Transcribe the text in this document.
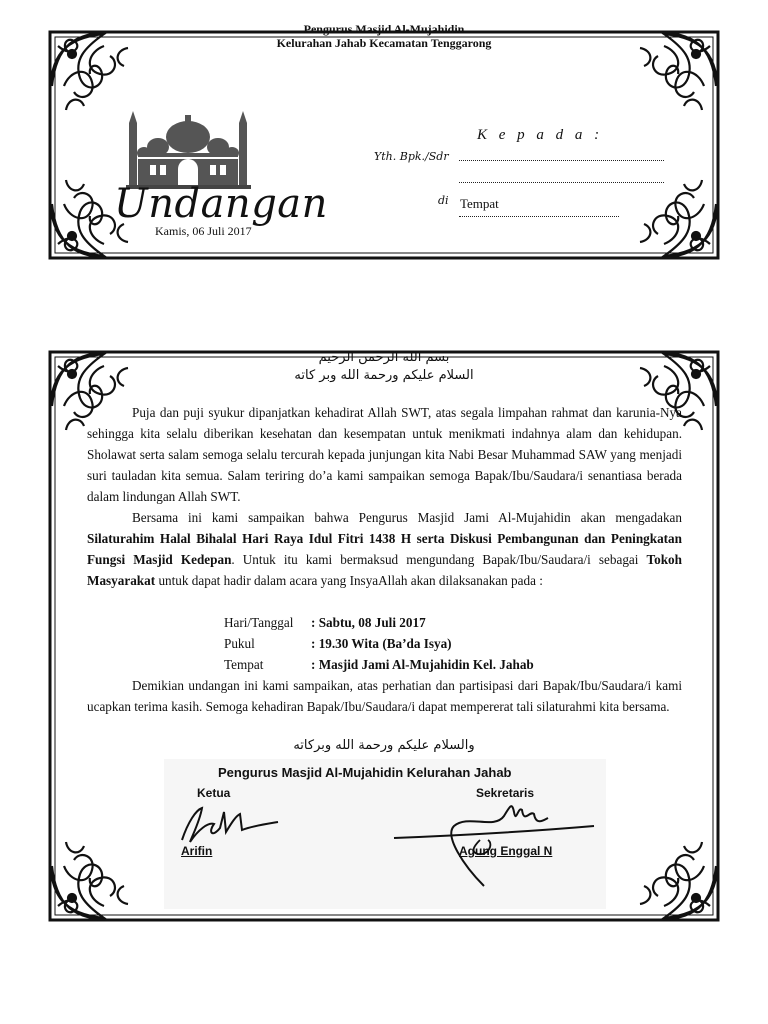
Pengurus Masjid Al-Mujahidin
Kelurahan Jahab Kecamatan Tenggarong
Undangan
Kamis, 06 Juli 2017
K e p a d a :
Yth. Bpk./Sdr
di Tempat
بسم الله الرحمن الرحيم
السلام عليكم ورحمة الله وبر كاته

Puja dan puji syukur dipanjatkan kehadirat Allah SWT, atas segala limpahan rahmat dan karunia-Nya sehingga kita selalu diberikan kesehatan dan kesempatan untuk menikmati indahnya alam dan kehidupan. Sholawat serta salam semoga selalu tercurah kepada junjungan kita Nabi Besar Muhammad SAW yang menjadi suri tauladan kita semua. Salam teriring do’a kami sampaikan semoga Bapak/Ibu/Saudara/i senantiasa berada dalam lindungan Allah SWT.

Bersama ini kami sampaikan bahwa Pengurus Masjid Jami Al-Mujahidin akan mengadakan Silaturahim Halal Bihalal Hari Raya Idul Fitri 1438 H serta Diskusi Pembangunan dan Peningkatan Fungsi Masjid Kedepan. Untuk itu kami bermaksud mengundang Bapak/Ibu/Saudara/i sebagai Tokoh Masyarakat untuk dapat hadir dalam acara yang InsyaAllah akan dilaksanakan pada :

Hari/Tanggal	: Sabtu, 08 Juli 2017
Pukul	: 19.30 Wita (Ba’da Isya)
Tempat	: Masjid Jami Al-Mujahidin Kel. Jahab

Demikian undangan ini kami sampaikan, atas perhatian dan partisipasi dari Bapak/Ibu/Saudara/i kami ucapkan terima kasih. Semoga kehadiran Bapak/Ibu/Saudara/i dapat mempererat tali silaturahmi kita bersama.

والسلام عليكم ورحمة الله وبركاته
Pengurus Masjid Al-Mujahidin Kelurahan Jahab
Ketua	Sekretaris
Arifin	Agung Enggal N
